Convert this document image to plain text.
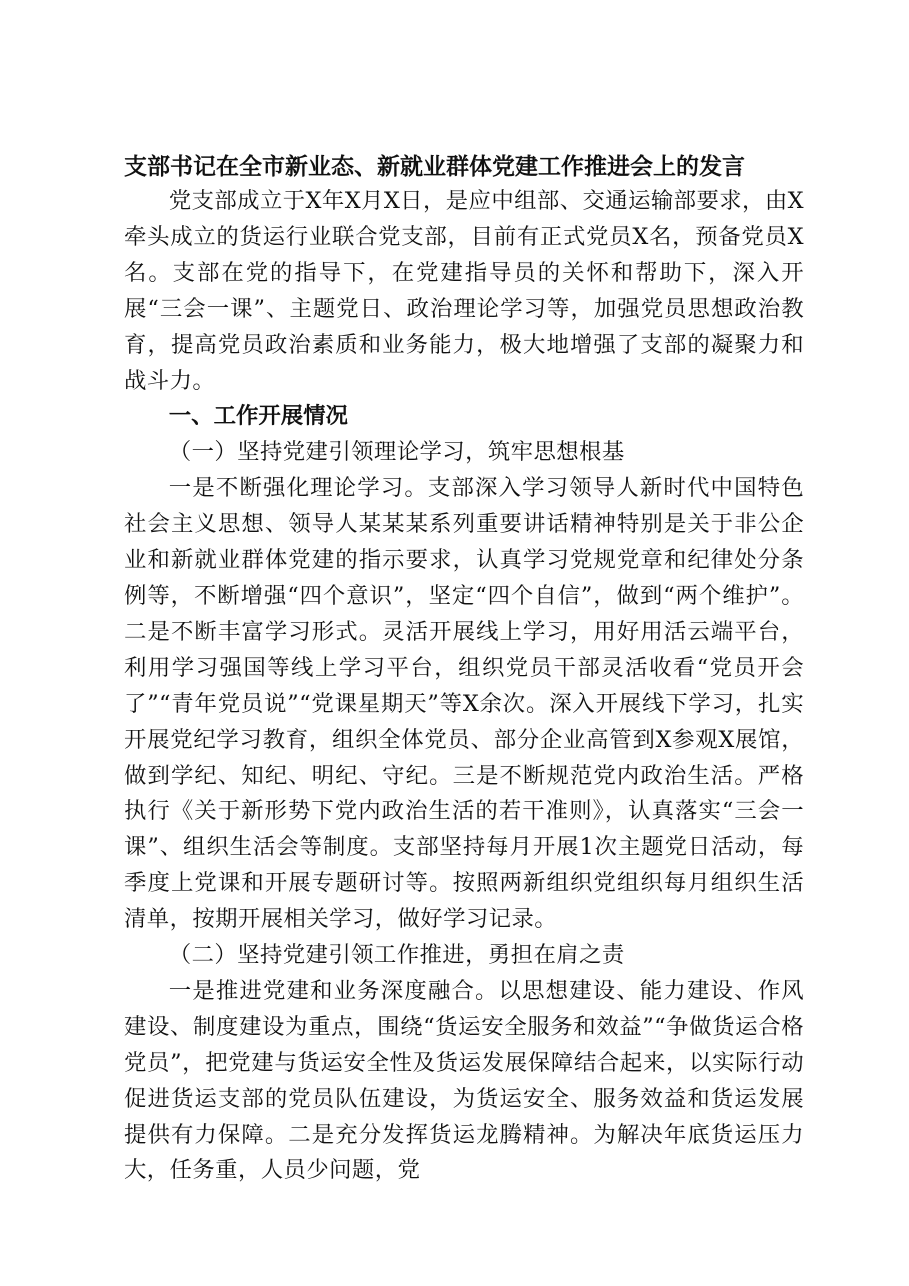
支部书记在全市新业态、新就业群体党建工作推进会上的发言

党支部成立于X年X月X日，是应中组部、交通运输部要求，由X牵头成立的货运行业联合党支部，目前有正式党员X名，预备党员X名。支部在党的指导下，在党建指导员的关怀和帮助下，深入开展“三会一课”、主题党日、政治理论学习等，加强党员思想政治教育，提高党员政治素质和业务能力，极大地增强了支部的凝聚力和战斗力。

一、工作开展情况

（一）坚持党建引领理论学习，筑牢思想根基

一是不断强化理论学习。支部深入学习领导人新时代中国特色社会主义思想、领导人某某某系列重要讲话精神特别是关于非公企业和新就业群体党建的指示要求，认真学习党规党章和纪律处分条例等，不断增强“四个意识”，坚定“四个自信”，做到“两个维护”。二是不断丰富学习形式。灵活开展线上学习，用好用活云端平台，利用学习强国等线上学习平台，组织党员干部灵活收看“党员开会了”“青年党员说”“党课星期天”等X余次。深入开展线下学习，扎实开展党纪学习教育，组织全体党员、部分企业高管到X参观X展馆，做到学纪、知纪、明纪、守纪。三是不断规范党内政治生活。严格执行《关于新形势下党内政治生活的若干准则》，认真落实“三会一课”、组织生活会等制度。支部坚持每月开展1次主题党日活动，每季度上党课和开展专题研讨等。按照两新组织党组织每月组织生活清单，按期开展相关学习，做好学习记录。

（二）坚持党建引领工作推进，勇担在肩之责

一是推进党建和业务深度融合。以思想建设、能力建设、作风建设、制度建设为重点，围绕“货运安全服务和效益”“争做货运合格党员”，把党建与货运安全性及货运发展保障结合起来，以实际行动促进货运支部的党员队伍建设，为货运安全、服务效益和货运发展提供有力保障。二是充分发挥货运龙腾精神。为解决年底货运压力大，任务重，人员少问题，党
